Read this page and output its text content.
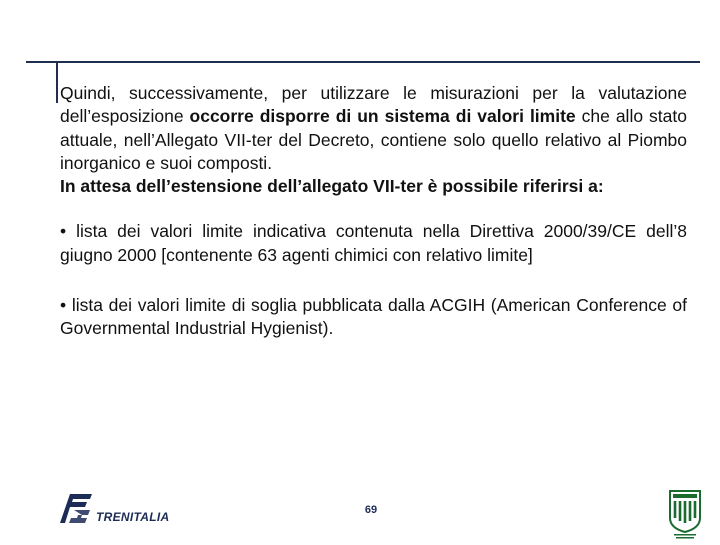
Quindi, successivamente, per utilizzare le misurazioni per la valutazione dell’esposizione occorre disporre di un sistema di valori limite che allo stato attuale, nell’Allegato VII-ter del Decreto, contiene solo quello relativo al Piombo inorganico e suoi composti.

In attesa dell’estensione dell’allegato VII-ter è possibile riferirsi a:

• lista dei valori limite indicativa contenuta nella Direttiva 2000/39/CE dell’8 giugno 2000 [contenente 63 agenti chimici con relativo limite]

• lista dei valori limite di soglia pubblicata dalla ACGIH (American Conference of Governmental Industrial Hygienist).

TRENITALIA	69
